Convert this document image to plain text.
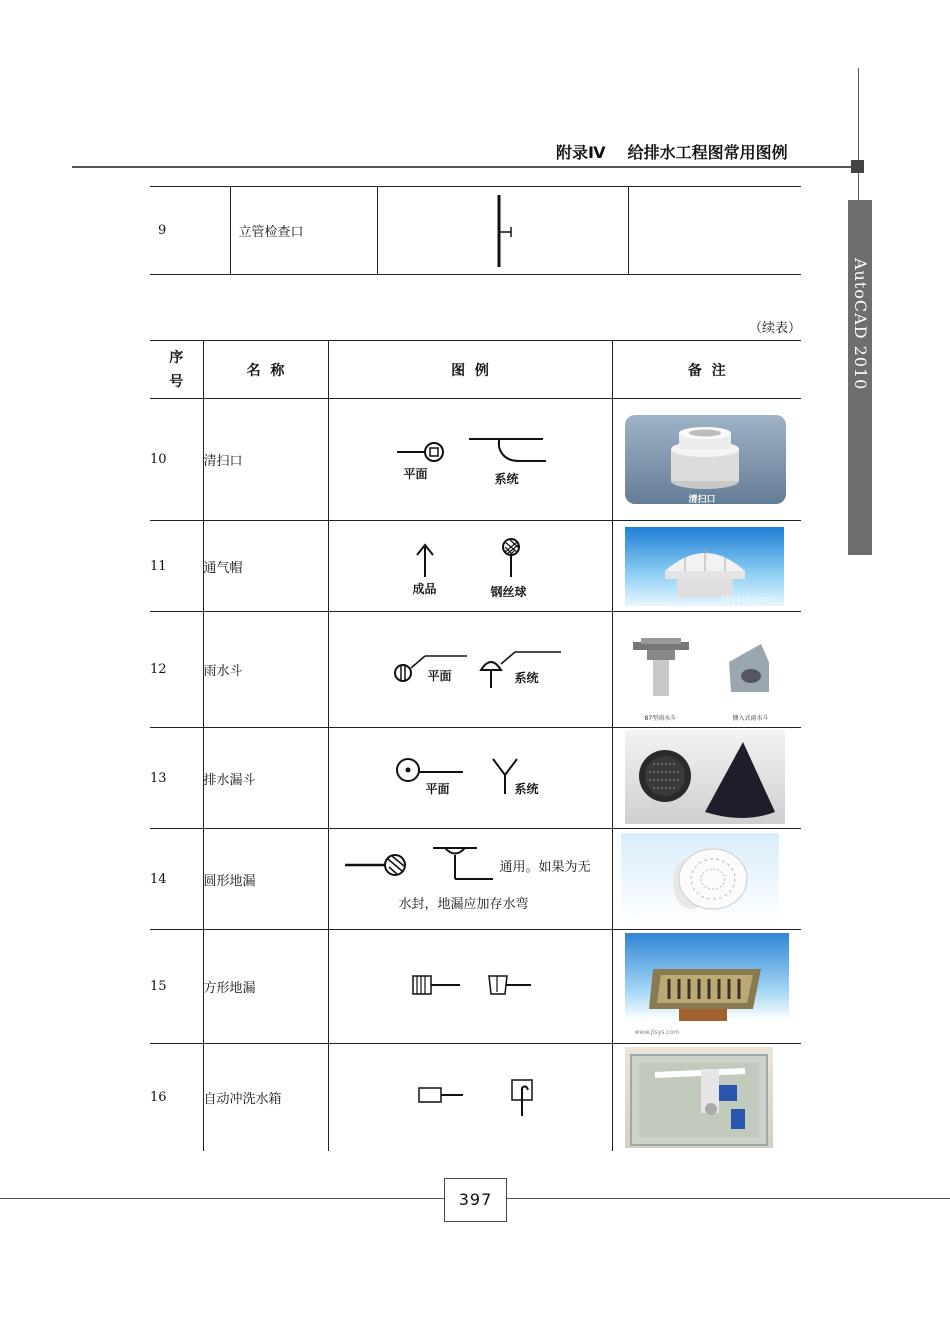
AutoCAD 2010
附录Ⅳ 给排水工程图常用图例
9	立管检查口	

（续表）
序
号	名  称	图  例	备  注
10	清扫口	平面 系统	清扫口

11	通气帽	成品 钢丝球	191111.com

12	雨水斗	平面 系统	87型雨水斗 侧入式雨水斗

13	排水漏斗	平面 系统

14	圆形地漏	通用。如果为无
水封，地漏应加存水弯

15	方形地漏		www.jtsys.com

16	自动冲洗水箱	

397
